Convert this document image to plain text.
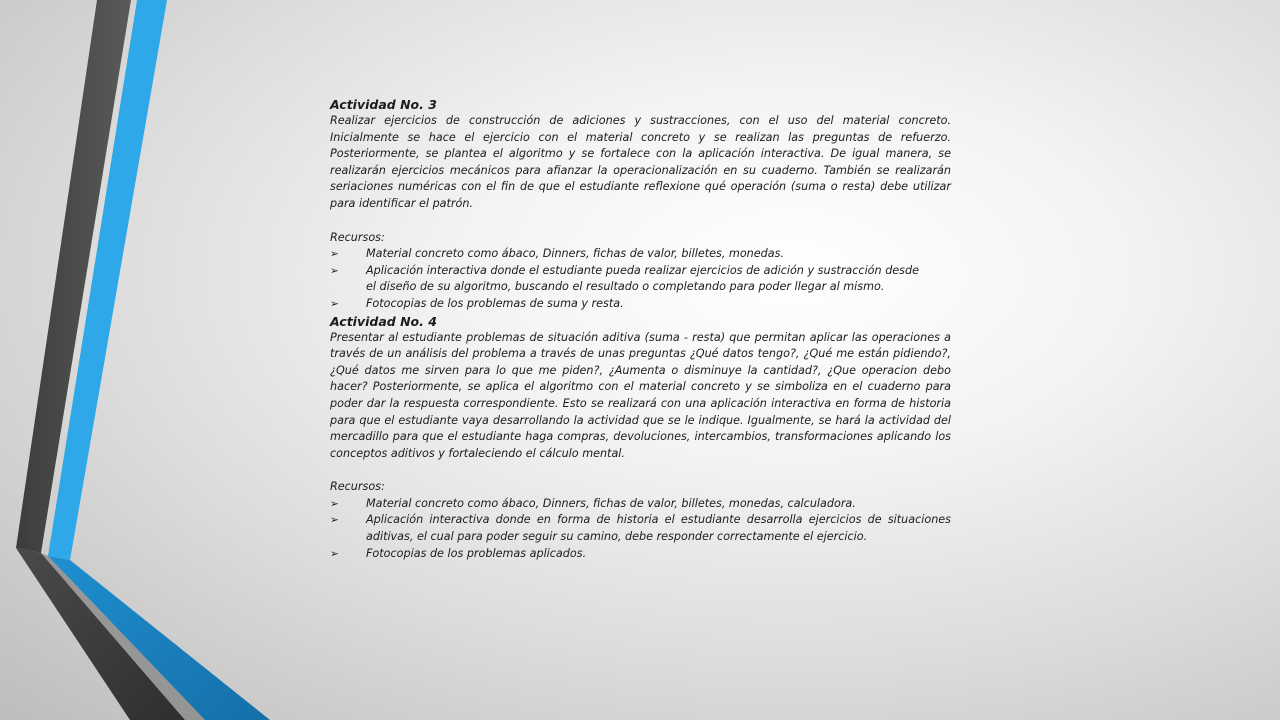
Actividad No. 3

Realizar ejercicios de construcción de adiciones y sustracciones, con el uso del material concreto. Inicialmente se hace el ejercicio con el material concreto y se realizan las preguntas de refuerzo. Posteriormente, se plantea el algoritmo y se fortalece con la aplicación interactiva. De igual manera, se realizarán ejercicios mecánicos para afianzar la operacionalización en su cuaderno. También se realizarán seriaciones numéricas con el fin de que el estudiante reflexione qué operación (suma o resta) debe utilizar para identificar el patrón.

Recursos:

➢ Material concreto como ábaco, Dinners, fichas de valor, billetes, monedas.
➢ Aplicación interactiva donde el estudiante pueda realizar ejercicios de adición y sustracción desde el diseño de su algoritmo, buscando el resultado o completando para poder llegar al mismo.
➢ Fotocopias de los problemas de suma y resta.

Actividad No. 4

Presentar al estudiante problemas de situación aditiva (suma - resta) que permitan aplicar las operaciones a través de un análisis del problema a través de unas preguntas ¿Qué datos tengo?, ¿Qué me están pidiendo?, ¿Qué datos me sirven para lo que me piden?, ¿Aumenta o disminuye la cantidad?, ¿Que operacion debo hacer? Posteriormente, se aplica el algoritmo con el material concreto y se simboliza en el cuaderno para poder dar la respuesta correspondiente. Esto se realizará con una aplicación interactiva en forma de historia para que el estudiante vaya desarrollando la actividad que se le indique. Igualmente, se hará la actividad del mercadillo para que el estudiante haga compras, devoluciones, intercambios, transformaciones aplicando los conceptos aditivos y fortaleciendo el cálculo mental.

Recursos:

➢ Material concreto como ábaco, Dinners, fichas de valor, billetes, monedas, calculadora.
➢ Aplicación interactiva donde en forma de historia el estudiante desarrolla ejercicios de situaciones aditivas, el cual para poder seguir su camino, debe responder correctamente el ejercicio.
➢ Fotocopias de los problemas aplicados.
